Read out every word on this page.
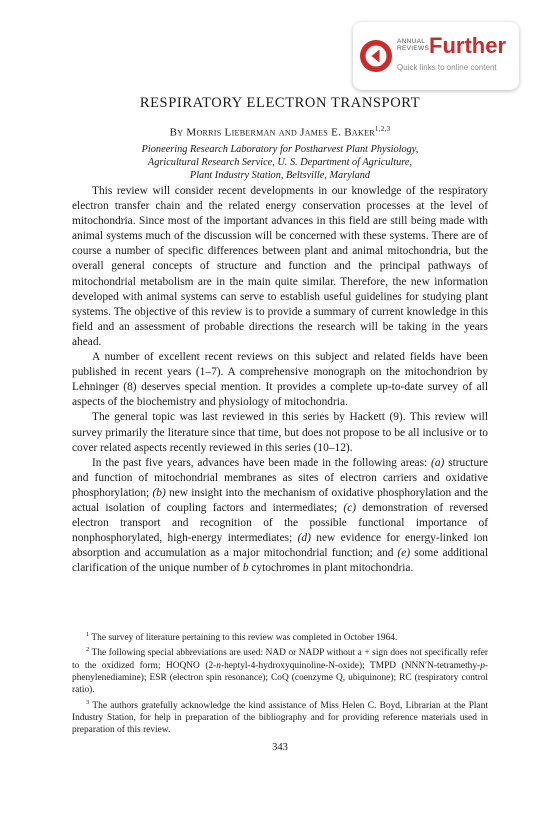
ANNUAL
REVIEWS Further
Quick links to online content
RESPIRATORY ELECTRON TRANSPORT
By Morris Lieberman and James E. Baker$^{1,2,3}$
Pioneering Research Laboratory for Postharvest Plant Physiology,
Agricultural Research Service, U. S. Department of Agriculture,
Plant Industry Station, Beltsville, Maryland

This review will consider recent developments in our knowledge of the respiratory electron transfer chain and the related energy conservation processes at the level of mitochondria. Since most of the important advances in this field are still being made with animal systems much of the discussion will be concerned with these systems. There are of course a number of specific differences between plant and animal mitochondria, but the overall general concepts of structure and function and the principal pathways of mitochondrial metabolism are in the main quite similar. Therefore, the new information developed with animal systems can serve to establish useful guidelines for studying plant systems. The objective of this review is to provide a summary of current knowledge in this field and an assessment of probable directions the research will be taking in the years ahead.

A number of excellent recent reviews on this subject and related fields have been published in recent years (1–7). A comprehensive monograph on the mitochondrion by Lehninger (8) deserves special mention. It provides a complete up-to-date survey of all aspects of the biochemistry and physiology of mitochondria.

The general topic was last reviewed in this series by Hackett (9). This review will survey primarily the literature since that time, but does not propose to be all inclusive or to cover related aspects recently reviewed in this series (10–12).

In the past five years, advances have been made in the following areas: (a) structure and function of mitochondrial membranes as sites of electron carriers and oxidative phosphorylation; (b) new insight into the mechanism of oxidative phosphorylation and the actual isolation of coupling factors and intermediates; (c) demonstration of reversed electron transport and recognition of the possible functional importance of nonphosphorylated, high-energy intermediates; (d) new evidence for energy-linked ion absorption and accumulation as a major mitochondrial function; and (e) some additional clarification of the unique number of b cytochromes in plant mitochondria.

$^1$ The survey of literature pertaining to this review was completed in October 1964.

$^2$ The following special abbreviations are used: NAD or NADP without a + sign does not specifically refer to the oxidized form; HOQNO (2-n-heptyl-4-hydroxyquinoline-N-oxide); TMPD (NNN′N-tetramethy-p-phenylenediamine); ESR (electron spin resonance); CoQ (coenzyme Q, ubiquinone); RC (respiratory control ratio).

$^3$ The authors gratefully acknowledge the kind assistance of Miss Helen C. Boyd, Librarian at the Plant Industry Station, for help in preparation of the bibliography and for providing reference materials used in preparation of this review.

343
